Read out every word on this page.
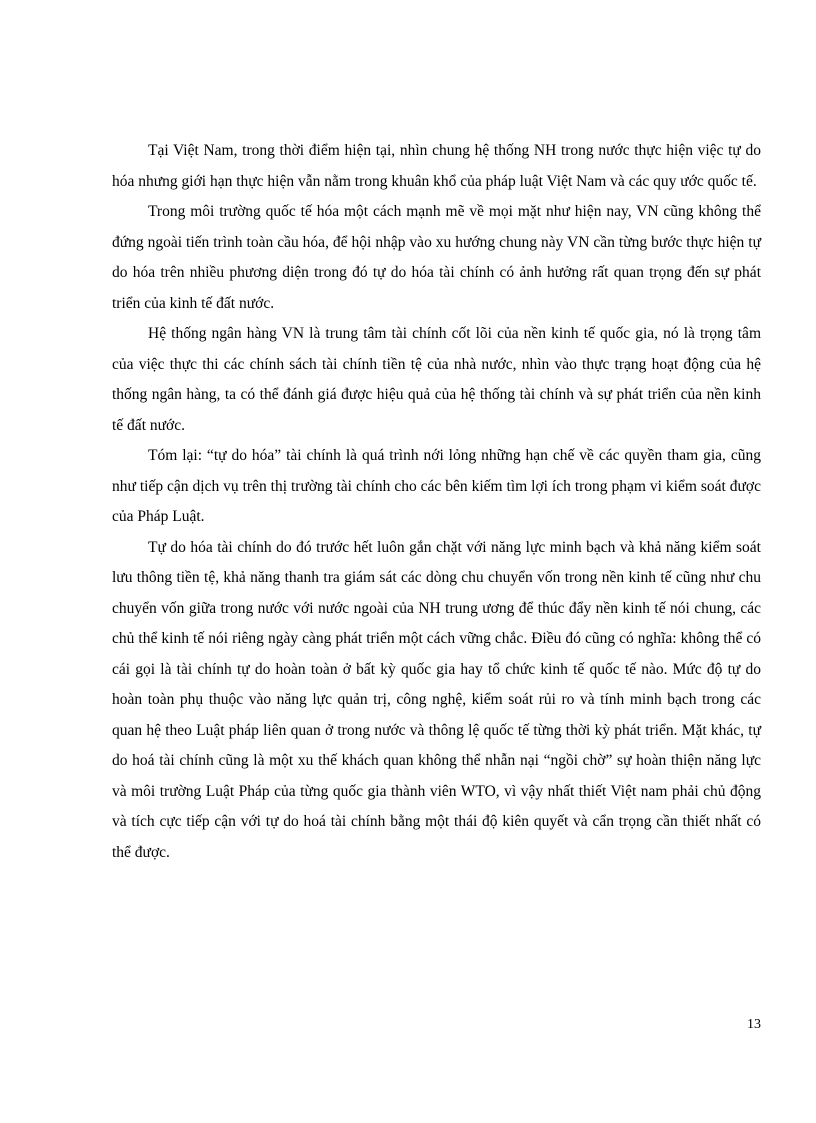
Tại Việt Nam, trong thời điểm hiện tại, nhìn chung hệ thống NH trong nước thực hiện việc tự do hóa nhưng giới hạn thực hiện vẫn nằm trong khuân khổ của pháp luật Việt Nam và các quy ước quốc tế.

Trong môi trường quốc tế hóa một cách mạnh mẽ về mọi mặt như hiện nay, VN cũng không thể đứng ngoài tiến trình toàn cầu hóa, để hội nhập vào xu hướng chung này VN cần từng bước thực hiện tự do hóa trên nhiều phương diện trong đó tự do hóa tài chính có ảnh hưởng rất quan trọng đến sự phát triển của kinh tế đất nước.

Hệ thống ngân hàng VN là trung tâm tài chính cốt lõi của nền kinh tế quốc gia, nó là trọng tâm của việc thực thi các chính sách tài chính tiền tệ của nhà nước, nhìn vào thực trạng hoạt động của hệ thống ngân hàng, ta có thể đánh giá được hiệu quả của hệ thống tài chính và sự phát triển của nền kinh tế đất nước.

Tóm lại: “tự do hóa” tài chính là quá trình nới lỏng những hạn chế về các quyền tham gia, cũng như tiếp cận dịch vụ trên thị trường tài chính cho các bên kiếm tìm lợi ích trong phạm vi kiểm soát được của Pháp Luật.

Tự do hóa tài chính do đó trước hết luôn gắn chặt với năng lực minh bạch và khả năng kiểm soát lưu thông tiền tệ, khả năng thanh tra giám sát các dòng chu chuyển vốn trong nền kinh tế cũng như chu chuyển vốn giữa trong nước với nước ngoài của NH trung ương để thúc đẩy nền kinh tế nói chung, các chủ thể kinh tế nói riêng ngày càng phát triển một cách vững chắc. Điều đó cũng có nghĩa: không thể có cái gọi là tài chính tự do hoàn toàn ở bất kỳ quốc gia hay tổ chức kinh tế quốc tế nào. Mức độ tự do hoàn toàn phụ thuộc vào năng lực quản trị, công nghệ, kiểm soát rủi ro và tính minh bạch trong các quan hệ theo Luật pháp liên quan ở trong nước và thông lệ quốc tế từng thời kỳ phát triển. Mặt khác, tự do hoá tài chính cũng là một xu thế khách quan không thể nhẫn nại “ngồi chờ” sự hoàn thiện năng lực và môi trường Luật Pháp của từng quốc gia thành viên WTO, vì vậy nhất thiết Việt nam phải chủ động và tích cực tiếp cận với tự do hoá tài chính bằng một thái độ kiên quyết và cẩn trọng cần thiết nhất có thể được.

13
